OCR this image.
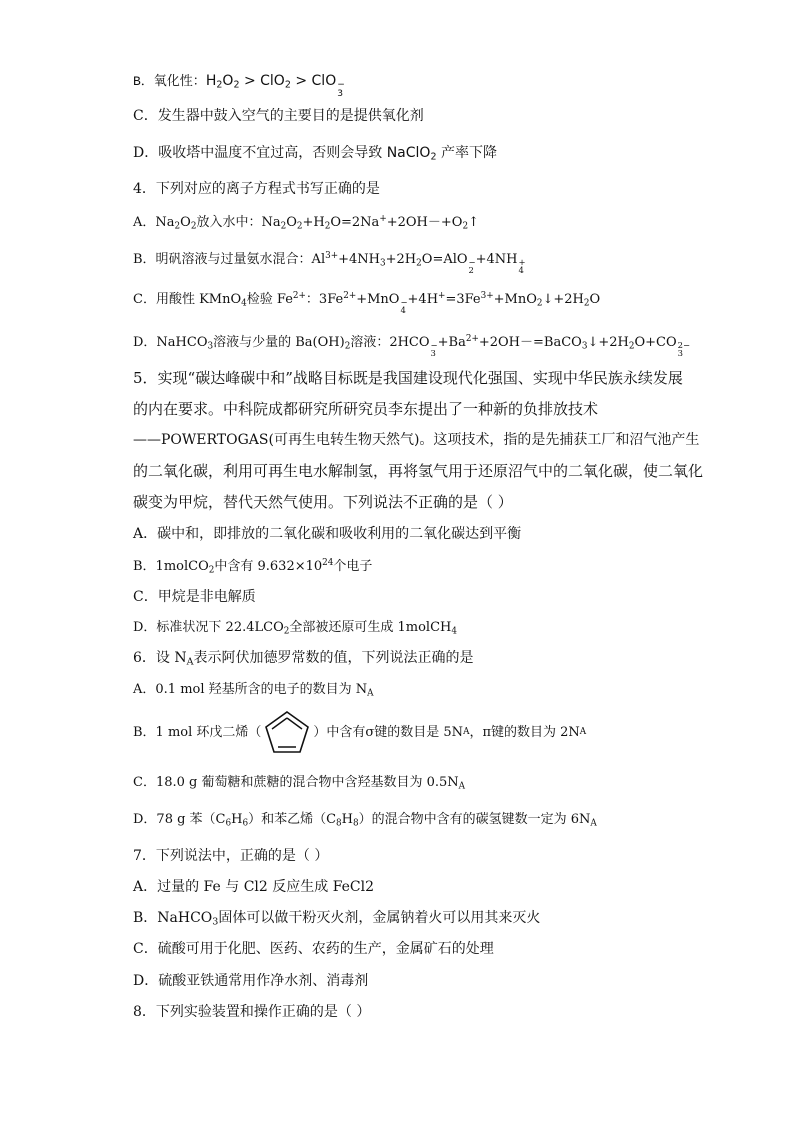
B．氧化性：$H_2O_2 > ClO_2$ > ClO −
3
C．发生器中鼓入空气的主要目的是提供氧化剂
D．吸收塔中温度不宜过高，否则会导致 NaClO$_2$ 产率下降
4．下列对应的离子方程式书写正确的是
A．$Na_2O_2$放入水中：$Na_2O_2+H_2O=2Na^++2OH-+O_2↑$
B．明矾溶液与过量氨水混合：$Al^{3+}+4NH_3+2H_2O=AlO$ −
2
+4NH +
4
C．用酸性 KMnO$_4$检验 $Fe^{2+}$：$3Fe^{2+}+MnO$ −
4
$+4H^+=3Fe^{3+}+MnO_2↓+2H_2O$
D．NaHCO$_3$溶液与少量的 $Ba(OH)_2$溶液：2HCO −
3
$+Ba^{2+}+2OH-=BaCO_3↓+2H_2O+CO$ 2−
3
5．实现“碳达峰碳中和”战略目标既是我国建设现代化强国、实现中华民族永续发展
的内在要求。中科院成都研究所研究员李东提出了一种新的负排放技术
——POWERTOGAS(可再生电转生物天然气)。这项技术，指的是先捕获工厂和沼气池产生
的二氧化碳，利用可再生电水解制氢，再将氢气用于还原沼气中的二氧化碳，使二氧化
碳变为甲烷，替代天然气使用。下列说法不正确的是（ ）
A．碳中和，即排放的二氧化碳和吸收利用的二氧化碳达到平衡
B．1molCO$_2$中含有 $9.632\times 10^{24}$个电子
C．甲烷是非电解质
D．标准状况下 $22.4LCO_2$全部被还原可生成 1molCH$_4$
6．设 $N_A$表示阿伏加德罗常数的值，下列说法正确的是
A．0.1 mol 羟基所含的电子的数目为 $N_A$
B．1 mol 环戊二烯（	）中含有σ键的数目是 5N A ，π键的数目为 2N A
C．18.0 g 葡萄糖和蔗糖的混合物中含羟基数目为 $0.5N_A$
D．78 g 苯$(C_6H_6)$和苯乙烯$(C_8H_8)$的混合物中含有的碳氢键数一定为 $6N_A$
7．下列说法中，正确的是（ ）
A．过量的 Fe 与 Cl2 反应生成 FeCl2
B．NaHCO$_3$固体可以做干粉灭火剂，金属钠着火可以用其来灭火
C．硫酸可用于化肥、医药、农药的生产，金属矿石的处理
D．硫酸亚铁通常用作净水剂、消毒剂
8．下列实验装置和操作正确的是（ ）
